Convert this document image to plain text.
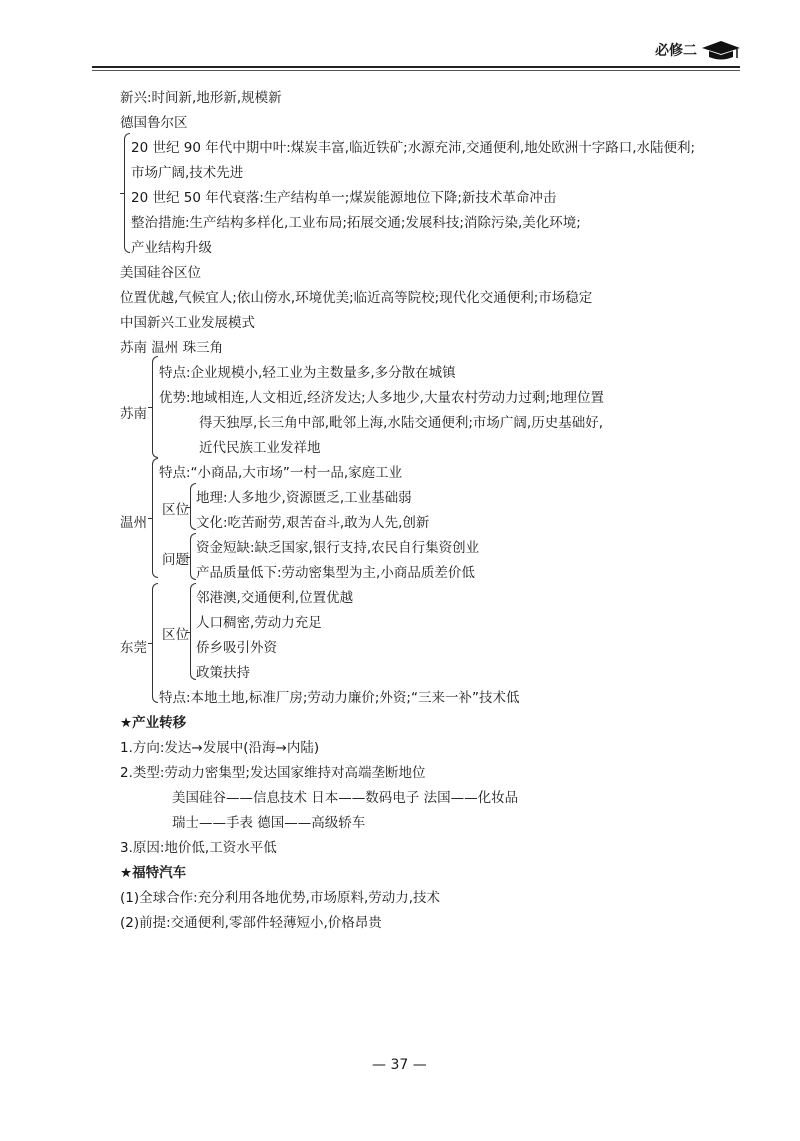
必修二
新兴:时间新,地形新,规模新
德国鲁尔区
20 世纪 90 年代中期中叶:煤炭丰富,临近铁矿;水源充沛,交通便利,地处欧洲十字路口,水陆便利;
市场广阔,技术先进
20 世纪 50 年代衰落:生产结构单一;煤炭能源地位下降;新技术革命冲击
整治措施:生产结构多样化,工业布局;拓展交通;发展科技;消除污染,美化环境;
产业结构升级
美国硅谷区位
位置优越,气候宜人;依山傍水,环境优美;临近高等院校;现代化交通便利;市场稳定
中国新兴工业发展模式
苏南 温州 珠三角
苏南
特点:企业规模小,轻工业为主数量多,多分散在城镇
优势:地域相连,人文相近,经济发达;人多地少,大量农村劳动力过剩;地理位置
得天独厚,长三角中部,毗邻上海,水陆交通便利;市场广阔,历史基础好,
近代民族工业发祥地
温州
特点:“小商品,大市场”一村一品,家庭工业
区位
地理:人多地少,资源匮乏,工业基础弱
文化:吃苦耐劳,艰苦奋斗,敢为人先,创新
问题
资金短缺:缺乏国家,银行支持,农民自行集资创业
产品质量低下:劳动密集型为主,小商品质差价低
东莞
区位
邻港澳,交通便利,位置优越
人口稠密,劳动力充足
侨乡吸引外资
政策扶持
特点:本地土地,标准厂房;劳动力廉价;外资;“三来一补”技术低
★产业转移
1.方向:发达→发展中(沿海→内陆)
2.类型:劳动力密集型;发达国家维持对高端垄断地位
美国硅谷——信息技术 日本——数码电子 法国——化妆品
瑞士——手表 德国——高级轿车
3.原因:地价低,工资水平低
★福特汽车
(1)全球合作:充分利用各地优势,市场原料,劳动力,技术
(2)前提:交通便利,零部件轻薄短小,价格昂贵
— 37 —
